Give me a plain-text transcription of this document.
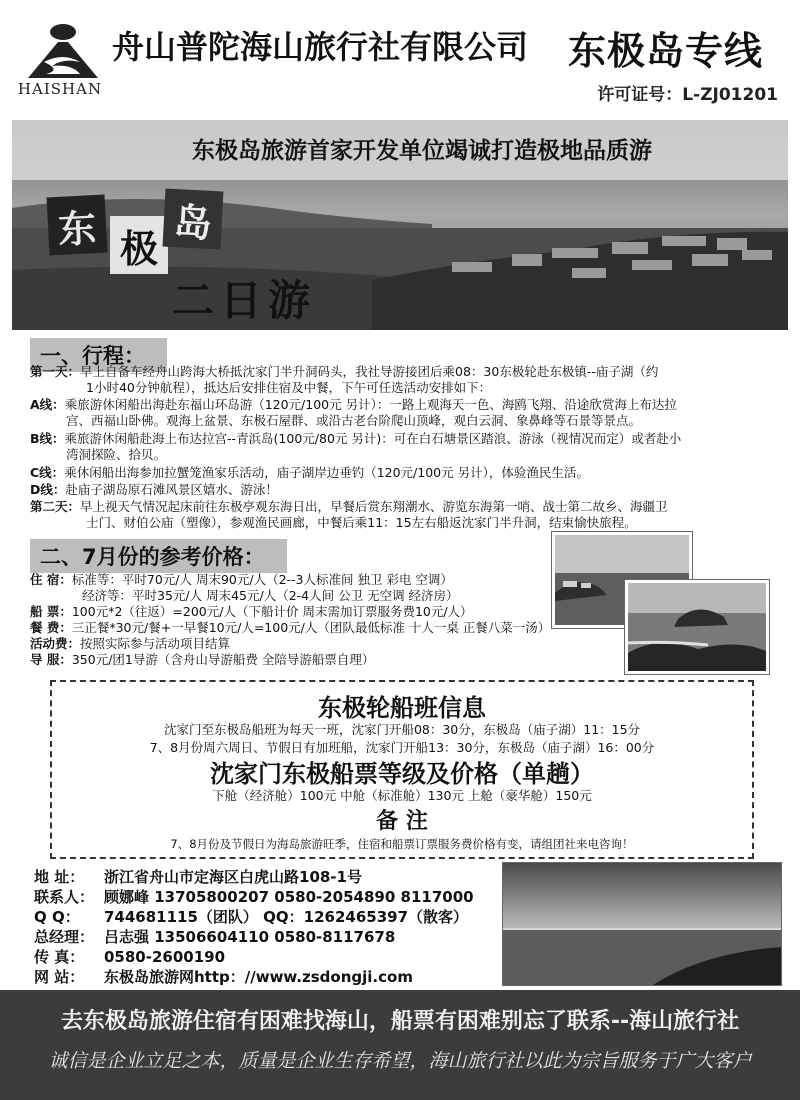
HAISHAN
舟山普陀海山旅行社有限公司 东极岛专线
许可证号：L-ZJ01201
东极岛旅游首家开发单位竭诚打造极地品质游
东 极
岛
二日游
一、行程：
第一天：早上自备车经舟山跨海大桥抵沈家门半升洞码头，我社导游接团后乘08：30东极轮赴东极镇--庙子湖（约
1小时40分钟航程），抵达后安排住宿及中餐，下午可任选活动安排如下：
A线：乘旅游休闲船出海赴东福山环岛游（120元/100元 另计）：一路上观海天一色、海鸥飞翔、沿途欣赏海上布达拉
宫、西福山卧佛。观海上盆景、东极石屋群、或沿古老台阶爬山顶峰，观白云洞、象鼻峰等石景等景点。
B线：乘旅游休闲船赴海上布达拉宫--青浜岛(100元/80元 另计)：可在白石塘景区踏浪、游泳（视情况而定）或者赴小
湾洞探险、拾贝。
C线：乘休闲船出海参加拉蟹笼渔家乐活动，庙子湖岸边垂钓（120元/100元 另计），体验渔民生活。
D线：赴庙子湖岛原石滩风景区嬉水、游泳！
第二天：早上视天气情况起床前往东极亭观东海日出，早餐后赏东翔潮水、游览东海第一哨、战士第二故乡、海疆卫
士门、财伯公庙（塑像），参观渔民画廊，中餐后乘11：15左右船返沈家门半升洞，结束愉快旅程。
二、7月份的参考价格：
住 宿：标准等：平时70元/人 周末90元/人（2--3人标准间 独卫 彩电 空调）
经济等：平时35元/人 周末45元/人（2-4人间 公卫 无空调 经济房）
船 票：100元*2（往返）=200元/人（下船计价 周末需加订票服务费10元/人）
餐 费：三正餐*30元/餐+一早餐10元/人=100元/人（团队最低标准 十人一桌 正餐八菜一汤）
活动费：按照实际参与活动项目结算
导 服：350元/团1导游（含舟山导游船费 全陪导游船票自理）
东极轮船班信息
沈家门至东极岛船班为每天一班，沈家门开船08：30分，东极岛（庙子湖）11：15分
7、8月份周六周日、节假日有加班船，沈家门开船13：30分，东极岛（庙子湖）16：00分
沈家门东极船票等级及价格（单趟）
下舱（经济舱）100元 中舱（标准舱）130元 上舱（豪华舱）150元
备 注
7、8月份及节假日为海岛旅游旺季，住宿和船票订票服务费价格有变，请组团社来电咨询！
地 址： 浙江省舟山市定海区白虎山路108-1号
联系人： 顾娜峰 13705800207 0580-2054890 8117000
Q Q： 744681115（团队） QQ：1262465397（散客）
总经理： 吕志强 13506604110 0580-8117678
传 真： 0580-2600190
网 站： 东极岛旅游网http：//www.zsdongji.com
去东极岛旅游住宿有困难找海山，船票有困难别忘了联系--海山旅行社
诚信是企业立足之本，质量是企业生存希望，海山旅行社以此为宗旨服务于广大客户
